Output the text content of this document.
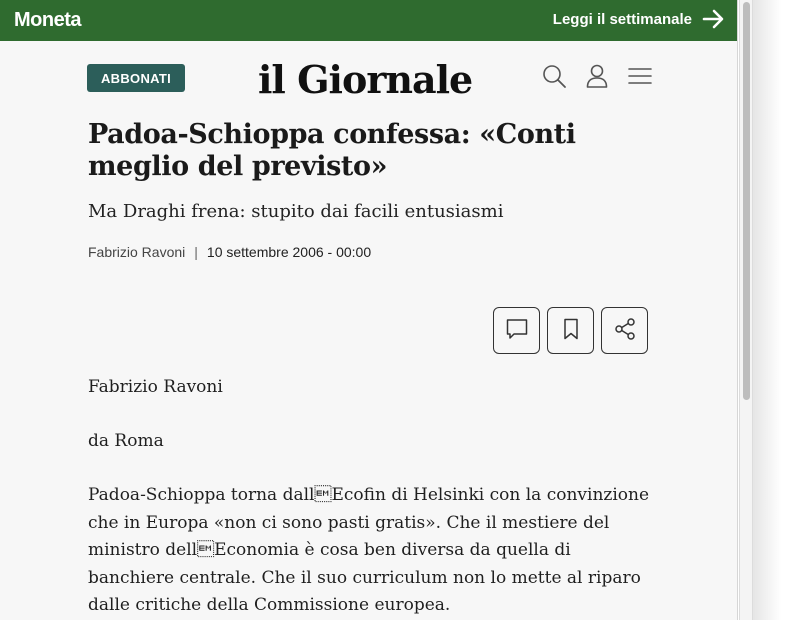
Moneta	Leggi il settimanale
ABBONATI	il Giornale
Padoa-Schioppa confessa: «Conti meglio del previsto»
Ma Draghi frena: stupito dai facili entusiasmi
Fabrizio Ravoni | 10 settembre 2006 - 00:00

Fabrizio Ravoni

da Roma

Padoa-Schioppa torna dallEcofin di Helsinki con la convinzione che in Europa «non ci sono pasti gratis». Che il mestiere del ministro dellEconomia è cosa ben diversa da quella di banchiere centrale. Che il suo curriculum non lo mette al riparo dalle critiche della Commissione europea.
